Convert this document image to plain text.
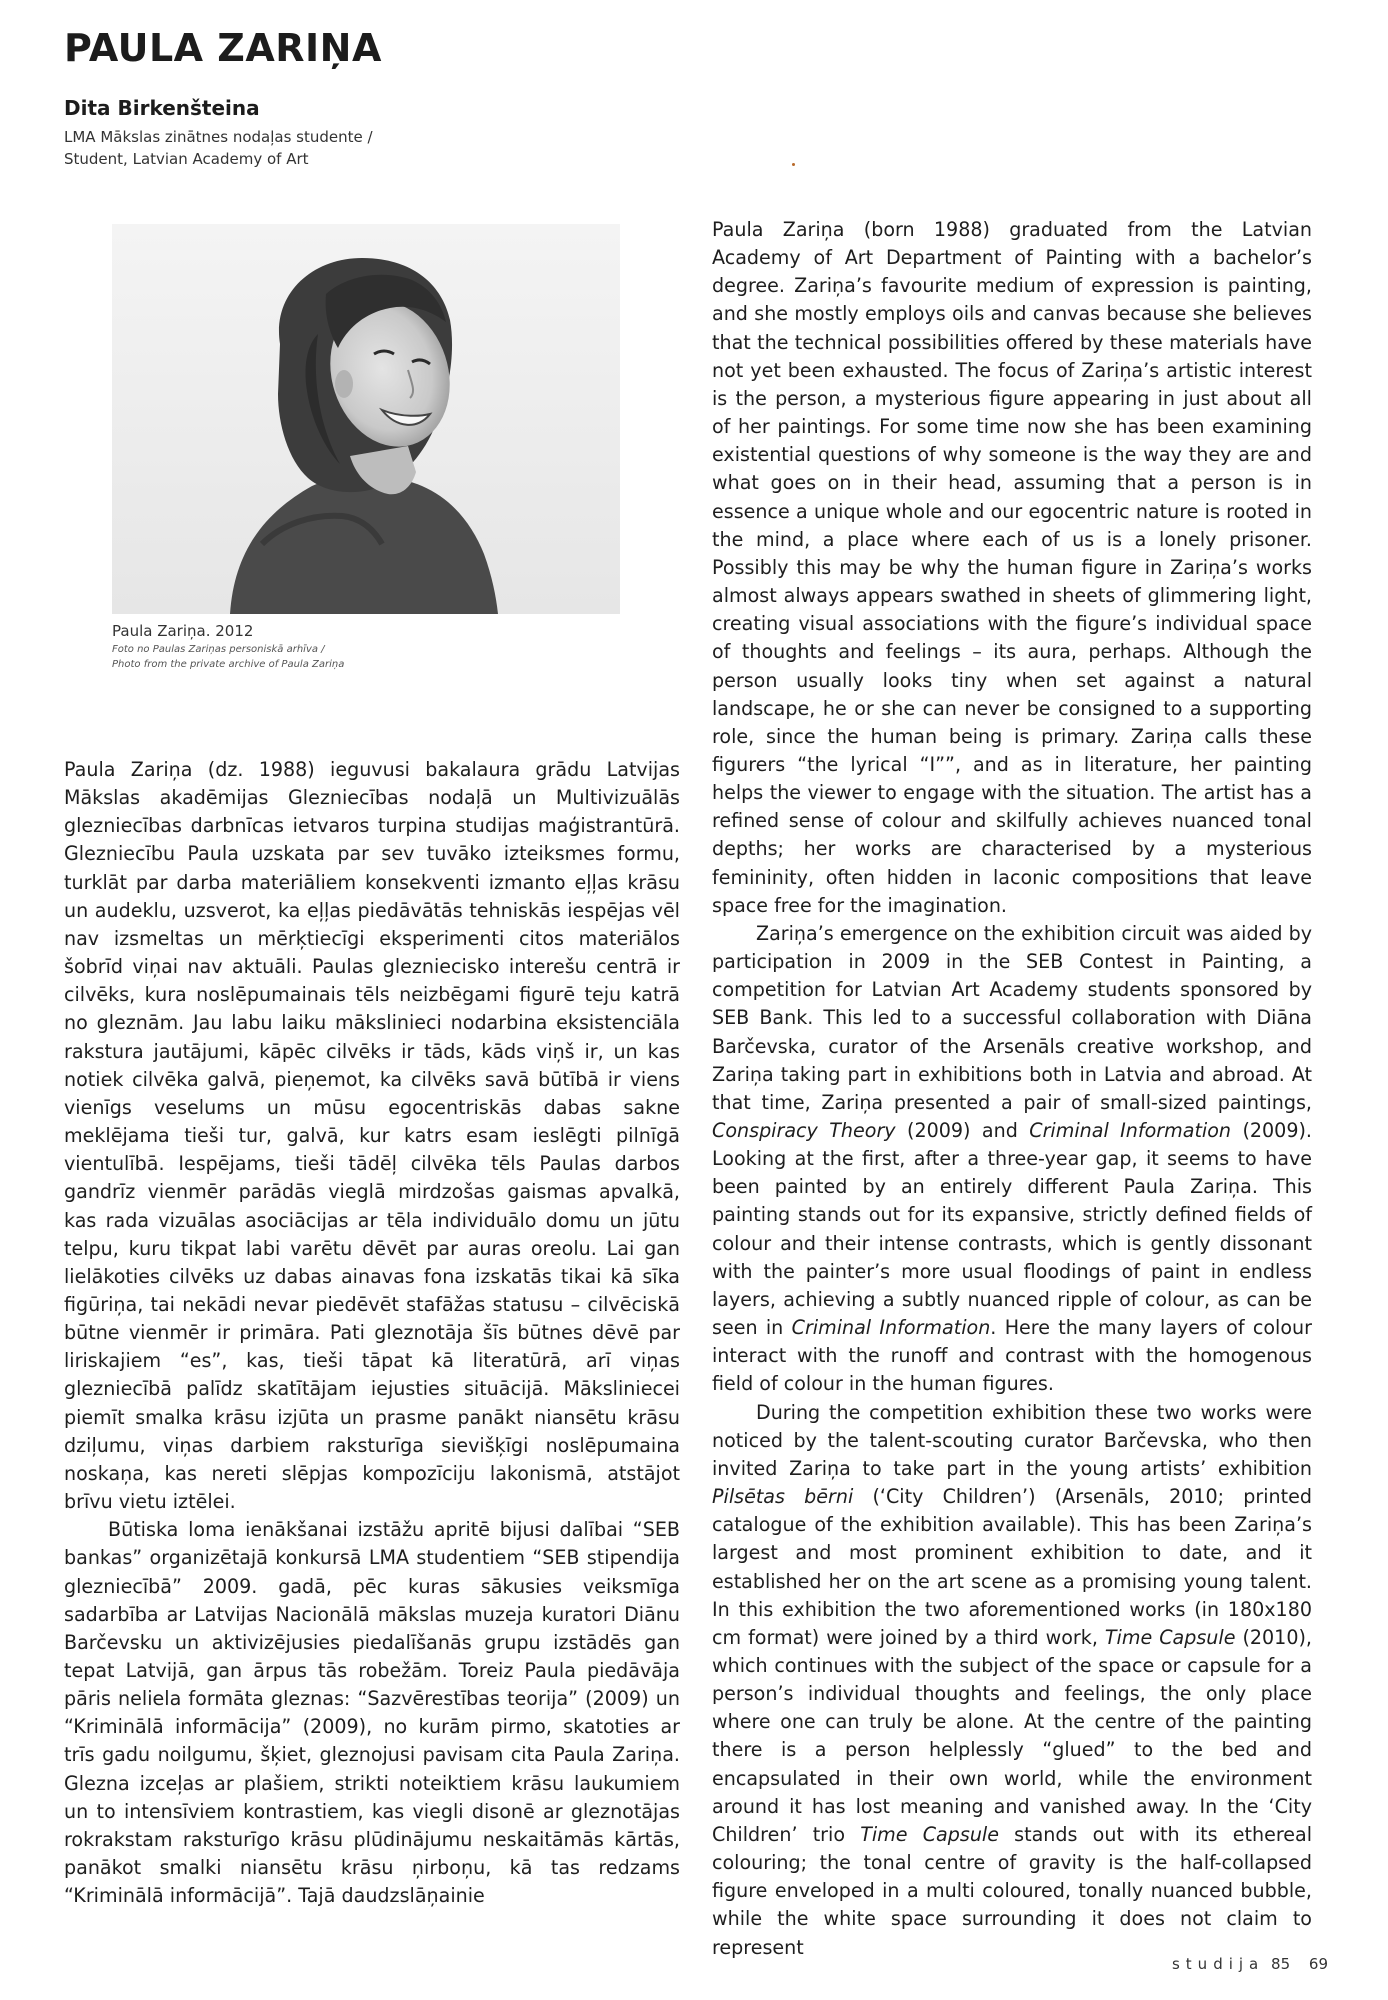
PAULA ZARIŅA
Dita Birkenšteina
LMA Mākslas zinātnes nodaļas studente /
Student, Latvian Academy of Art
Paula Zariņa. 2012
Foto no Paulas Zariņas personiskā arhīva /
Photo from the private archive of Paula Zariņa

Paula Zariņa (dz. 1988) ieguvusi bakalaura grādu Latvijas Mākslas akadēmijas Glezniecības nodaļā un Multivizuālās glezniecības darbnīcas ietvaros turpina studijas maģistrantūrā. Glezniecību Paula uzskata par sev tuvāko izteiksmes formu, turklāt par darba materiāliem konsekventi izmanto eļļas krāsu un audeklu, uzsverot, ka eļļas piedāvātās tehniskās iespējas vēl nav izsmeltas un mērķtiecīgi eksperimenti citos materiālos šobrīd viņai nav aktuāli. Paulas gleznieciskо interešu centrā ir cilvēks, kura noslēpumainais tēls neizbēgami figurē teju katrā no gleznām. Jau labu laiku mākslinieci nodarbina eksistenciāla rakstura jautājumi, kāpēc cilvēks ir tāds, kāds viņš ir, un kas notiek cilvēka galvā, pieņemot, ka cilvēks savā būtībā ir viens vienīgs veselums un mūsu egocentriskās dabas sakne meklējama tieši tur, galvā, kur katrs esam ieslēgti pilnīgā vientulībā. Iespējams, tieši tādēļ cilvēka tēls Paulas darbos gandrīz vienmēr parādās vieglā mirdzošas gaismas apvalkā, kas rada vizuālas asociācijas ar tēla individuālo domu un jūtu telpu, kuru tikpat labi varētu dēvēt par auras oreolu. Lai gan lielākoties cilvēks uz dabas ainavas fona izskatās tikai kā sīka figūriņa, tai nekādi nevar piedēvēt stafāžas statusu – cilvēciskā būtne vienmēr ir primāra. Pati gleznotāja šīs būtnes dēvē par liriskajiem “es”, kas, tieši tāpat kā literatūrā, arī viņas glezniecībā palīdz skatītājam iejusties situācijā. Māksliniecei piemīt smalka krāsu izjūta un prasme panākt niansētu krāsu dziļumu, viņas darbiem raksturīga sievišķīgi noslēpumaina noskaņa, kas nereti slēpjas kompozīciju lakonismā, atstājot brīvu vietu iztēlei.

Būtiska loma ienākšanai izstāžu apritē bijusi dalībai “SEB bankas” organizētajā konkursā LMA studentiem “SEB stipendija glezniecībā” 2009. gadā, pēc kuras sākusies veiksmīga sadarbība ar Latvijas Nacionālā mākslas muzeja kuratori Diānu Barčevsku un aktivizējusies piedalīšanās grupu izstādēs gan tepat Latvijā, gan ārpus tās robežām. Toreiz Paula piedāvāja pāris neliela formāta gleznas: “Sazvērestības teorija” (2009) un “Kriminālā informācija” (2009), no kurām pirmo, skatoties ar trīs gadu noilgumu, šķiet, gleznojusi pavisam cita Paula Zariņa. Glezna izceļas ar plašiem, strikti noteiktiem krāsu laukumiem un to intensīviem kontrastiem, kas viegli disonē ar gleznotājas rokrakstam raksturīgo krāsu plūdinājumu neskaitāmās kārtās, panākot smalki niansētu krāsu ņirboņu, kā tas redzams “Kriminālā informācijā”. Tajā daudzslāņainie

Paula Zariņa (born 1988) graduated from the Latvian Academy of Art Department of Painting with a bachelor’s degree. Zariņa’s favourite medium of expression is painting, and she mostly employs oils and canvas because she believes that the technical possibilities offered by these materials have not yet been exhausted. The focus of Zariņa’s artistic interest is the person, a mysterious figure appearing in just about all of her paintings. For some time now she has been examining existential questions of why someone is the way they are and what goes on in their head, assuming that a person is in essence a unique whole and our egocentric nature is rooted in the mind, a place where each of us is a lonely prisoner. Possibly this may be why the human figure in Zariņa’s works almost always appears swathed in sheets of glimmering light, creating visual associations with the figure’s individual space of thoughts and feelings – its aura, perhaps. Although the person usually looks tiny when set against a natural landscape, he or she can never be consigned to a supporting role, since the human being is primary. Zariņa calls these figurers “the lyrical “I””, and as in literature, her painting helps the viewer to engage with the situation. The artist has a refined sense of colour and skilfully achieves nuanced tonal depths; her works are characterised by a mysterious femininity, often hidden in laconic compositions that leave space free for the imagination.

Zariņa’s emergence on the exhibition circuit was aided by participation in 2009 in the SEB Contest in Painting, a competition for Latvian Art Academy students sponsored by SEB Bank. This led to a successful collaboration with Diāna Barčevska, curator of the Arsenāls creative workshop, and Zariņa taking part in exhibitions both in Latvia and abroad. At that time, Zariņa presented a pair of small-sized paintings, Conspiracy Theory (2009) and Criminal Information (2009). Looking at the first, after a three-year gap, it seems to have been painted by an entirely different Paula Zariņa. This painting stands out for its expansive, strictly defined fields of colour and their intense contrasts, which is gently dissonant with the painter’s more usual floodings of paint in endless layers, achieving a subtly nuanced ripple of colour, as can be seen in Criminal Information. Here the many layers of colour interact with the runoff and contrast with the homogenous field of colour in the human figures.

During the competition exhibition these two works were noticed by the talent-scouting curator Barčevska, who then invited Zariņa to take part in the young artists’ exhibition Pilsētas bērni (‘City Children’) (Arsenāls, 2010; printed catalogue of the exhibition available). This has been Zariņa’s largest and most prominent exhibition to date, and it established her on the art scene as a promising young talent. In this exhibition the two aforementioned works (in 180x180 cm format) were joined by a third work, Time Capsule (2010), which continues with the subject of the space or capsule for a person’s individual thoughts and feelings, the only place where one can truly be alone. At the centre of the painting there is a person helplessly “glued” to the bed and encapsulated in their own world, while the environment around it has lost meaning and vanished away. In the ‘City Children’ trio Time Capsule stands out with its ethereal colouring; the tonal centre of gravity is the half-collapsed figure enveloped in a multi coloured, tonally nuanced bubble, while the white space surrounding it does not claim to represent

studija 85 69
